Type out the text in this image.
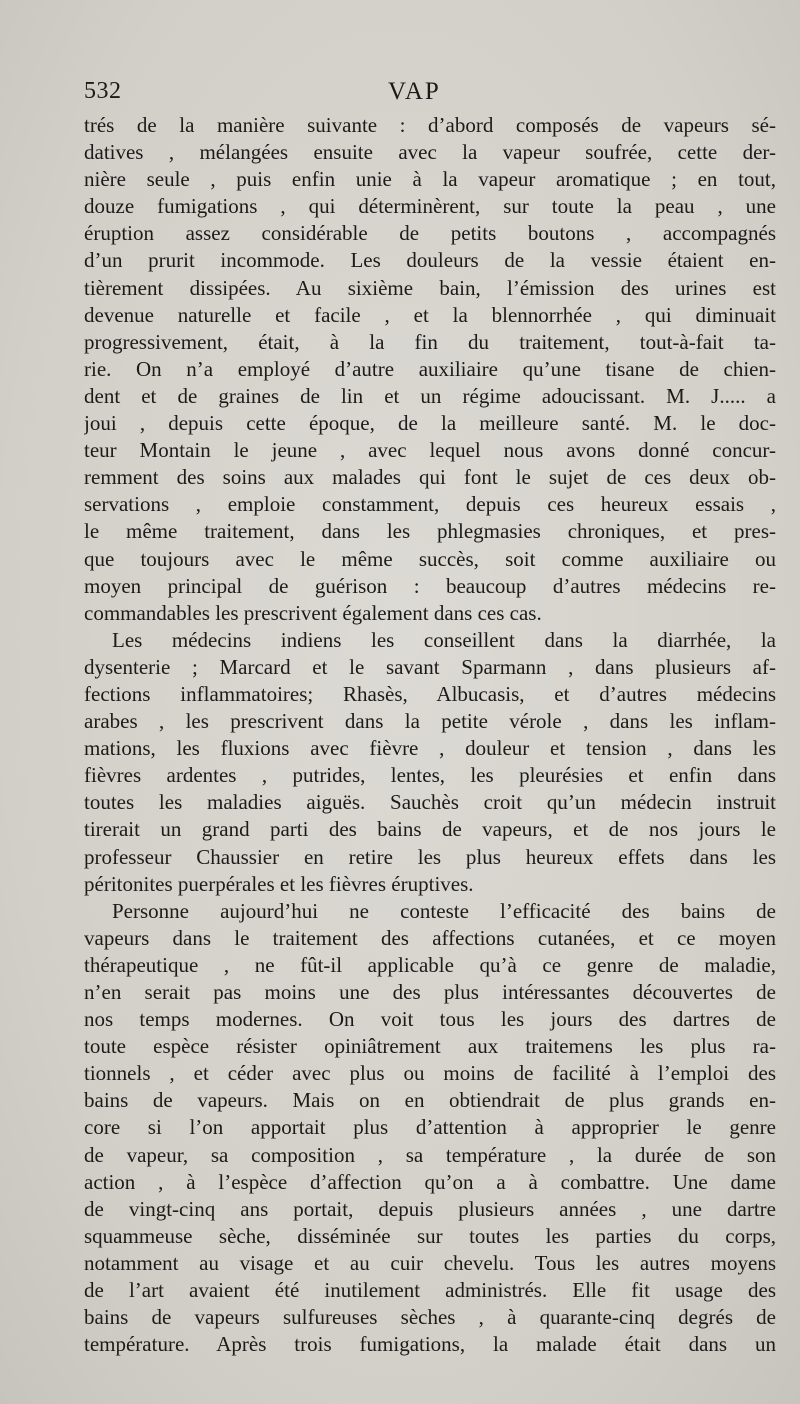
532	VAP
trés de la manière suivante : d’abord composés de vapeurs sé-
datives , mélangées ensuite avec la vapeur soufrée, cette der-
nière seule , puis enfin unie à la vapeur aromatique ; en tout,
douze fumigations , qui déterminèrent, sur toute la peau , une
éruption assez considérable de petits boutons , accompagnés
d’un prurit incommode. Les douleurs de la vessie étaient en-
tièrement dissipées. Au sixième bain, l’émission des urines est
devenue naturelle et facile , et la blennorrhée , qui diminuait
progressivement, était, à la fin du traitement, tout-à-fait ta-
rie. On n’a employé d’autre auxiliaire qu’une tisane de chien-
dent et de graines de lin et un régime adoucissant. M. J..... a
joui , depuis cette époque, de la meilleure santé. M. le doc-
teur Montain le jeune , avec lequel nous avons donné concur-
remment des soins aux malades qui font le sujet de ces deux ob-
servations , emploie constamment, depuis ces heureux essais ,
le même traitement, dans les phlegmasies chroniques, et pres-
que toujours avec le même succès, soit comme auxiliaire ou
moyen principal de guérison : beaucoup d’autres médecins re-
commandables les prescrivent également dans ces cas.
Les médecins indiens les conseillent dans la diarrhée, la
dysenterie ; Marcard et le savant Sparmann , dans plusieurs af-
fections inflammatoires; Rhasès, Albucasis, et d’autres médecins
arabes , les prescrivent dans la petite vérole , dans les inflam-
mations, les fluxions avec fièvre , douleur et tension , dans les
fièvres ardentes , putrides, lentes, les pleurésies et enfin dans
toutes les maladies aiguës. Sauchès croit qu’un médecin instruit
tirerait un grand parti des bains de vapeurs, et de nos jours le
professeur Chaussier en retire les plus heureux effets dans les
péritonites puerpérales et les fièvres éruptives.
Personne aujourd’hui ne conteste l’efficacité des bains de
vapeurs dans le traitement des affections cutanées, et ce moyen
thérapeutique , ne fût-il applicable qu’à ce genre de maladie,
n’en serait pas moins une des plus intéressantes découvertes de
nos temps modernes. On voit tous les jours des dartres de
toute espèce résister opiniâtrement aux traitemens les plus ra-
tionnels , et céder avec plus ou moins de facilité à l’emploi des
bains de vapeurs. Mais on en obtiendrait de plus grands en-
core si l’on apportait plus d’attention à approprier le genre
de vapeur, sa composition , sa température , la durée de son
action , à l’espèce d’affection qu’on a à combattre. Une dame
de vingt-cinq ans portait, depuis plusieurs années , une dartre
squammeuse sèche, disséminée sur toutes les parties du corps,
notamment au visage et au cuir chevelu. Tous les autres moyens
de l’art avaient été inutilement administrés. Elle fit usage des
bains de vapeurs sulfureuses sèches , à quarante-cinq degrés de
température. Après trois fumigations, la malade était dans un
